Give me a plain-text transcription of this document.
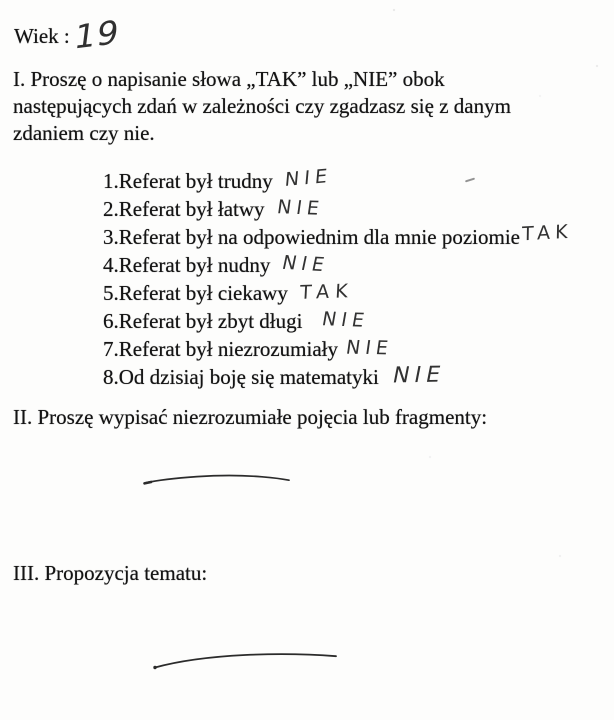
Wiek :19
I. Proszę o napisanie słowa „TAK” lub „NIE” obok
następujących zdań w zależności czy zgadzasz się z danym
zdaniem czy nie.
1.Referat był trudny NIE
2.Referat był łatwy NIE
3.Referat był na odpowiednim dla mnie poziomieTAK
4.Referat był nudny NIE
5.Referat był ciekawy TAK
6.Referat był zbyt długi NIE
7.Referat był niezrozumiały NIE
8.Od dzisiaj boję się matematyki NIE
II. Proszę wypisać niezrozumiałe pojęcia lub fragmenty:
III. Propozycja tematu:
